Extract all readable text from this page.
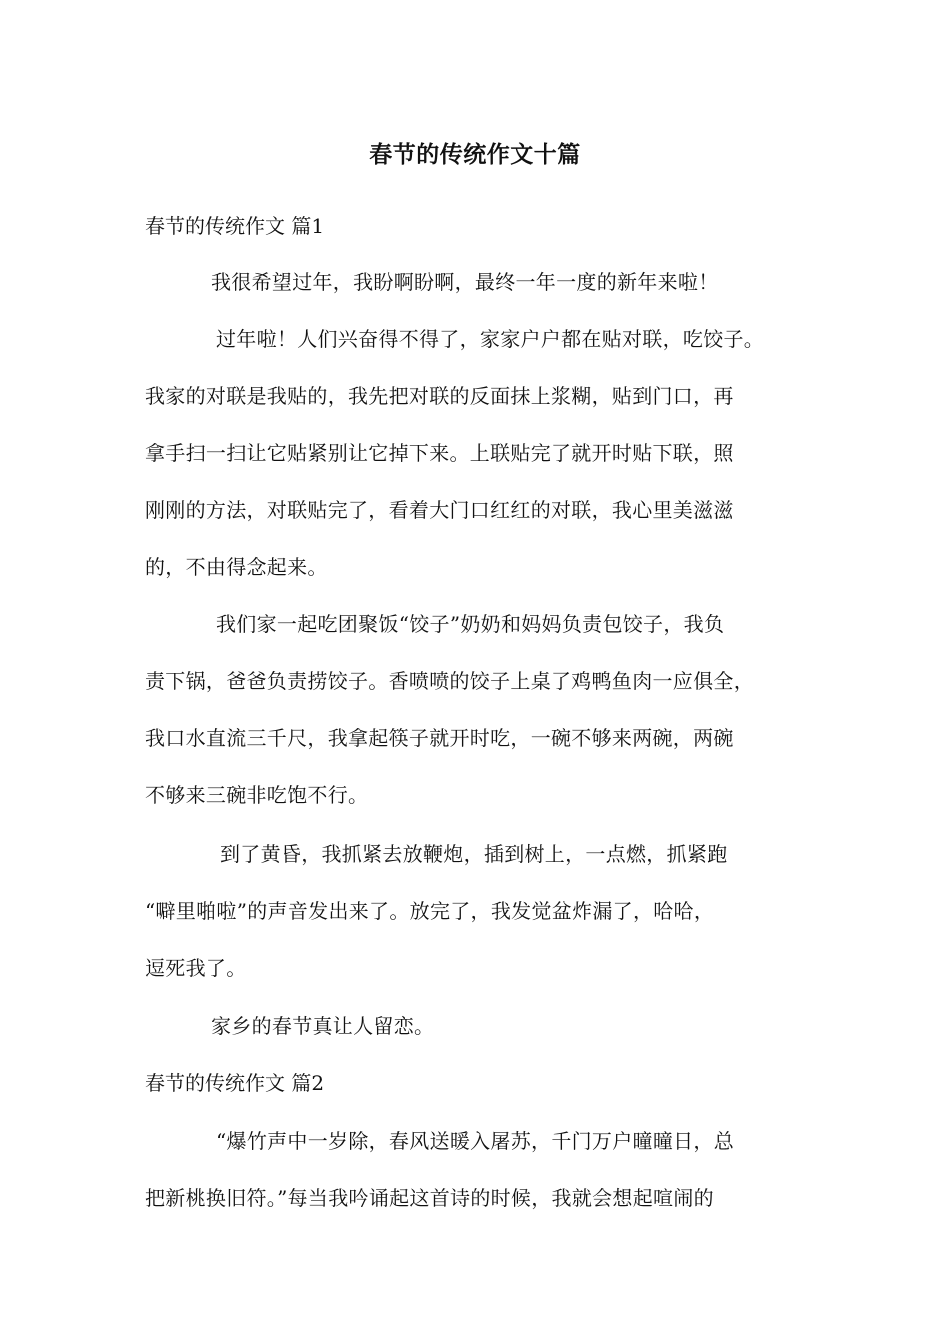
春节的传统作文十篇
春节的传统作文 篇1
我很希望过年，我盼啊盼啊，最终一年一度的新年来啦！
过年啦！人们兴奋得不得了，家家户户都在贴对联，吃饺子。
我家的对联是我贴的，我先把对联的反面抹上浆糊，贴到门口，再
拿手扫一扫让它贴紧别让它掉下来。上联贴完了就开时贴下联，照
刚刚的方法，对联贴完了，看着大门口红红的对联，我心里美滋滋
的，不由得念起来。
我们家一起吃团聚饭“饺子”奶奶和妈妈负责包饺子，我负
责下锅，爸爸负责捞饺子。香喷喷的饺子上桌了鸡鸭鱼肉一应俱全，
我口水直流三千尺，我拿起筷子就开时吃，一碗不够来两碗，两碗
不够来三碗非吃饱不行。
到了黄昏，我抓紧去放鞭炮，插到树上，一点燃，抓紧跑
“噼里啪啦”的声音发出来了。放完了，我发觉盆炸漏了，哈哈，
逗死我了。
家乡的春节真让人留恋。
春节的传统作文 篇2
“爆竹声中一岁除，春风送暖入屠苏，千门万户曈曈日，总
把新桃换旧符。”每当我吟诵起这首诗的时候，我就会想起喧闹的
